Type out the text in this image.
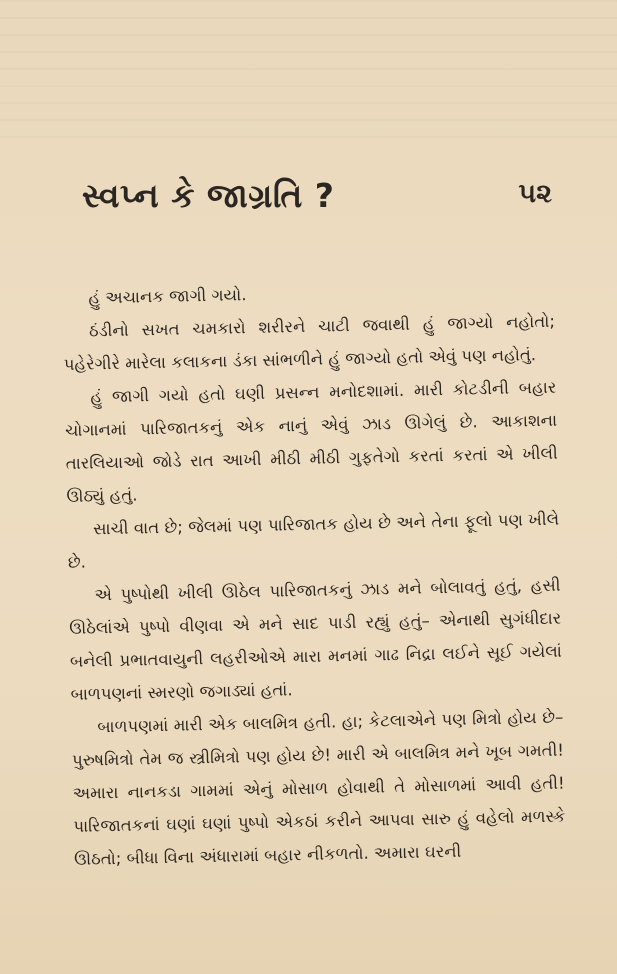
સ્વપ્ન કે જાગ્રતિ ?	૫૨

હું અચાનક જાગી ગયો.

ઠંડીનો સખત ચમકારો શરીરને ચાટી જવાથી હું જાગ્યો નહોતો; પહેરેગીરે મારેલા કલાકના ડંકા સાંભળીને હું જાગ્યો હતો એવું પણ નહોતું.

હું જાગી ગયો હતો ઘણી પ્રસન્ન મનોદશામાં. મારી કોટડીની બહાર ચોગાનમાં પારિજાતકનું એક નાનું એવું ઝાડ ઊગેલું છે. આકાશના તારલિયાઓ જોડે રાત આખી મીઠી મીઠી ગુફતેગો કરતાં કરતાં એ ખીલી ઊઠ્યું હતું.

સાચી વાત છે; જેલમાં પણ પારિજાતક હોય છે અને તેના ફૂલો પણ ખીલે છે.

એ પુષ્પોથી ખીલી ઊઠેલ પારિજાતકનું ઝાડ મને બોલાવતું હતું, હસી ઊઠેલાંએ પુષ્પો વીણવા એ મને સાદ પાડી રહ્યું હતું– એનાથી સુગંધીદાર બનેલી પ્રભાતવાયુની લહરીઓએ મારા મનમાં ગાઢ નિદ્રા લઈને સૂઈ ગયેલાં બાળપણનાં સ્મરણો જગાડ્યાં હતાં.

બાળપણમાં મારી એક બાલમિત્ર હતી. હા; કેટલાએને પણ મિત્રો હોય છે–પુરુષમિત્રો તેમ જ સ્ત્રીમિત્રો પણ હોય છે! મારી એ બાલમિત્ર મને ખૂબ ગમતી! અમારા નાનકડા ગામમાં એનું મોસાળ હોવાથી તે મોસાળમાં આવી હતી! પારિજાતકનાં ઘણાં ઘણાં પુષ્પો એકઠાં કરીને આપવા સારુ હું વહેલો મળસ્કે ઊઠતો; બીધા વિના અંધારામાં બહાર નીકળતો. અમારા ઘરની
